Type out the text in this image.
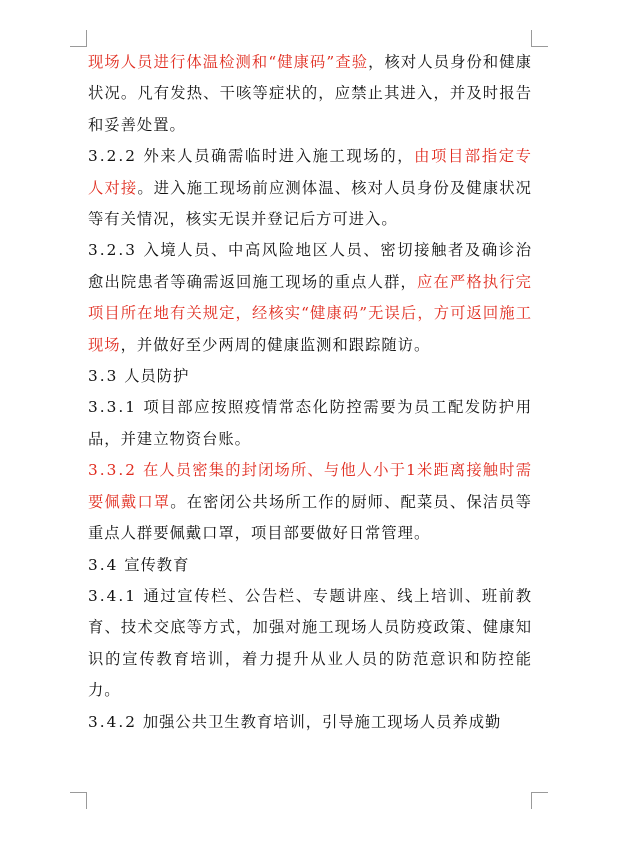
现场人员进行体温检测和“健康码”查验，核对人员身份和健康状况。凡有发热、干咳等症状的，应禁止其进入，并及时报告和妥善处置。

3.2.2 外来人员确需临时进入施工现场的，由项目部指定专人对接。进入施工现场前应测体温、核对人员身份及健康状况等有关情况，核实无误并登记后方可进入。

3.2.3 入境人员、中高风险地区人员、密切接触者及确诊治愈出院患者等确需返回施工现场的重点人群，应在严格执行完项目所在地有关规定，经核实“健康码”无误后，方可返回施工现场，并做好至少两周的健康监测和跟踪随访。

3.3 人员防护

3.3.1 项目部应按照疫情常态化防控需要为员工配发防护用品，并建立物资台账。

3.3.2 在人员密集的封闭场所、与他人小于1米距离接触时需要佩戴口罩。在密闭公共场所工作的厨师、配菜员、保洁员等重点人群要佩戴口罩，项目部要做好日常管理。

3.4 宣传教育

3.4.1 通过宣传栏、公告栏、专题讲座、线上培训、班前教育、技术交底等方式，加强对施工现场人员防疫政策、健康知识的宣传教育培训，着力提升从业人员的防范意识和防控能力。

3.4.2 加强公共卫生教育培训，引导施工现场人员养成勤
